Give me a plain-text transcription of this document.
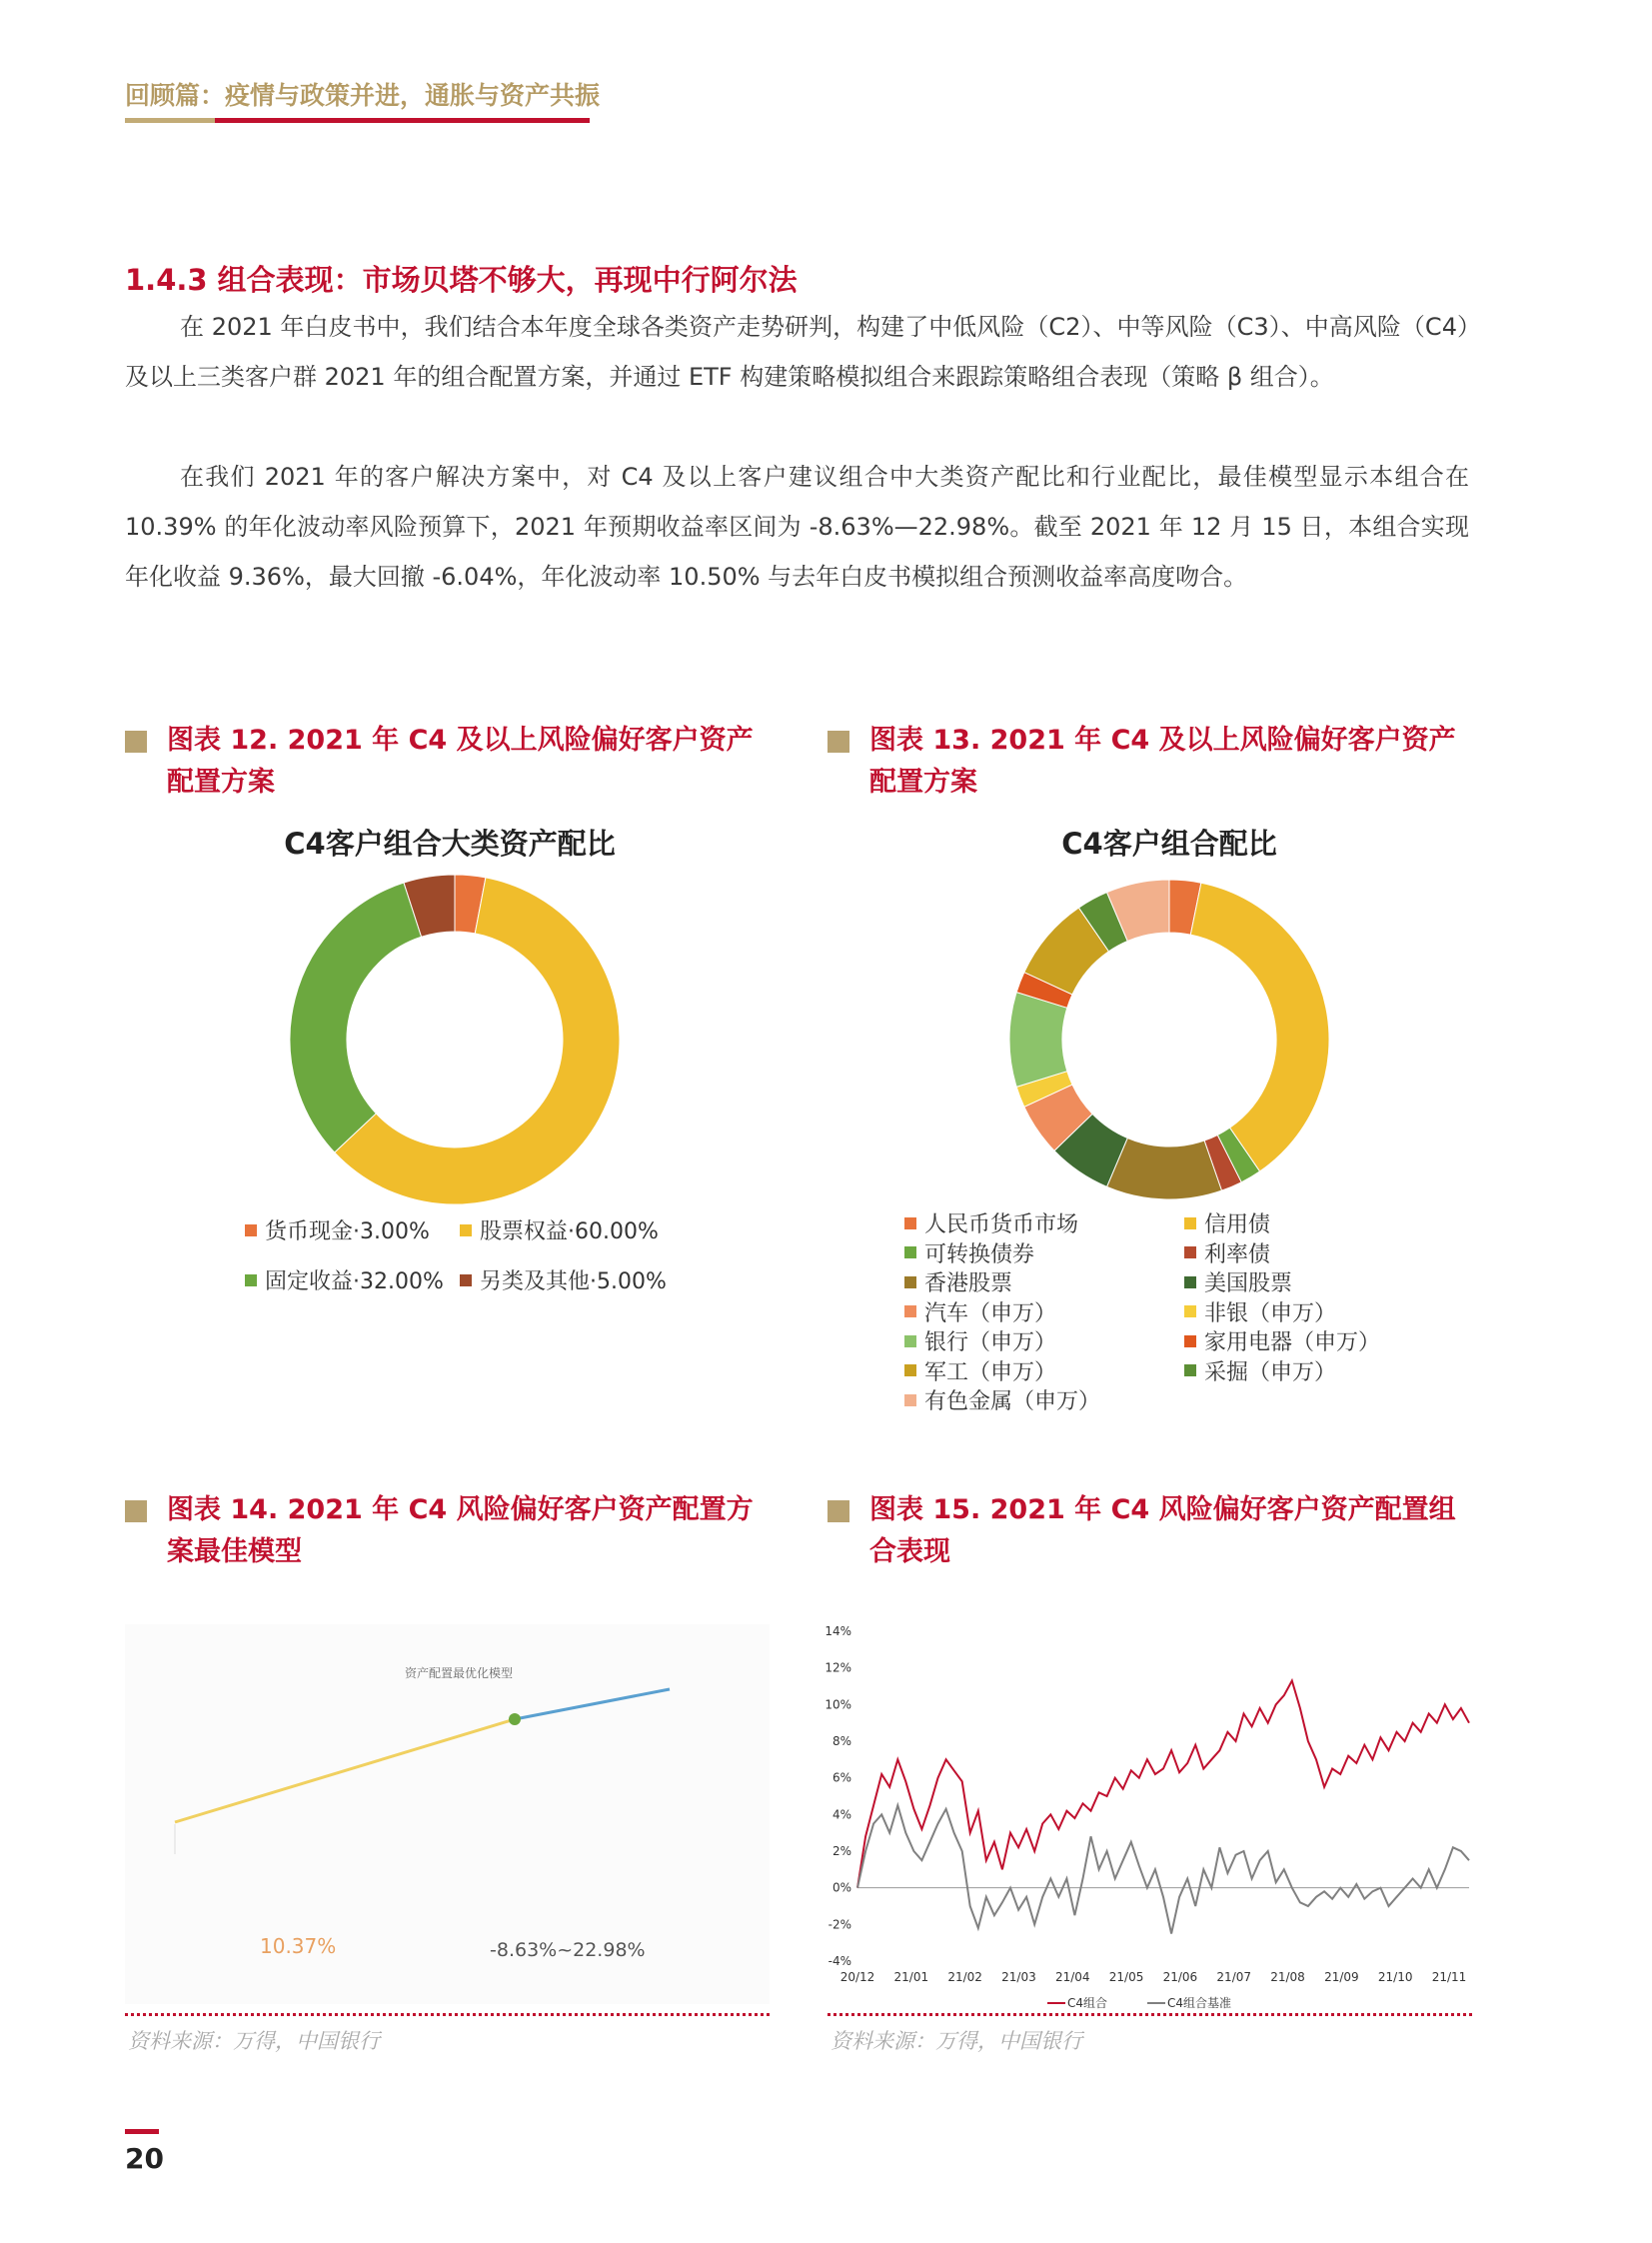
回顾篇：疫情与政策并进，通胀与资产共振
1.4.3 组合表现：市场贝塔不够大，再现中行阿尔法
在 2021 年白皮书中，我们结合本年度全球各类资产走势研判，构建了中低风险（C2）、中等风险（C3）、中高风险（C4）及以上三类客户群 2021 年的组合配置方案，并通过 ETF 构建策略模拟组合来跟踪策略组合表现（策略 β 组合）。
在我们 2021 年的客户解决方案中，对 C4 及以上客户建议组合中大类资产配比和行业配比，最佳模型显示本组合在 10.39% 的年化波动率风险预算下，2021 年预期收益率区间为 -8.63%—22.98%。截至 2021 年 12 月 15 日，本组合实现年化收益 9.36%，最大回撤 -6.04%，年化波动率 10.50% 与去年白皮书模拟组合预测收益率高度吻合。
图表 12. 2021 年 C4 及以上风险偏好客户资产配置方案
C4客户组合大类资产配比
货币现金·3.00% 股票权益·60.00%
固定收益·32.00% 另类及其他·5.00%
图表 13. 2021 年 C4 及以上风险偏好客户资产配置方案
C4客户组合配比
人民币货币市场	信用债
可转换债券	利率债
香港股票	美国股票
汽车（申万）	非银（申万）
银行（申万）	家用电器（申万）
军工（申万）	采掘（申万）
有色金属（申万）
图表 14. 2021 年 C4 风险偏好客户资产配置方案最佳模型
资产配置最优化模型
10.37%	-8.63%~22.98%
资料来源：万得，中国银行
图表 15. 2021 年 C4 风险偏好客户资产配置组合表现
14%
12%
10%
8%
6%
4%
2%
0%
-2%
-4%
20/12 21/01 21/02 21/03 21/04 21/05 21/06 21/07 21/08 21/09 21/10 21/11
C4组合	C4组合基准
资料来源：万得，中国银行
20
